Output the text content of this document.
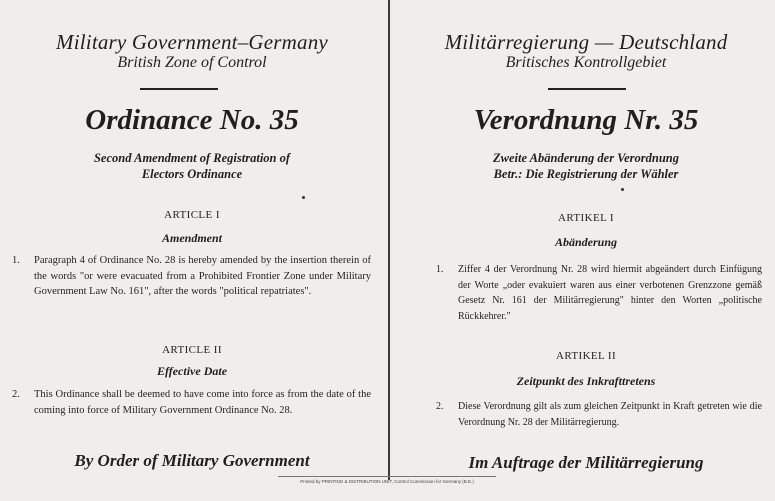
Military Government–Germany
British Zone of Control
Ordinance No. 35
Second Amendment of Registration of
Electors Ordinance
ARTICLE I
Amendment
1. Paragraph 4 of Ordinance No. 28 is hereby amended by the insertion therein of the words "or were evacuated from a Prohibited Frontier Zone under Military Government Law No. 161", after the words "political repatriates".
ARTICLE II
Effective Date
2. This Ordinance shall be deemed to have come into force as from the date of the coming into force of Military Government Ordinance No. 28.
By Order of Military Government
Militärregierung — Deutschland
Britisches Kontrollgebiet
Verordnung Nr. 35
Zweite Abänderung der Verordnung
Betr.: Die Registrierung der Wähler
ARTIKEL I
Abänderung
1. Ziffer 4 der Verordnung Nr. 28 wird hiermit abgeändert durch Einfügung der Worte „oder evakuiert waren aus einer verbotenen Grenzzone gemäß Gesetz Nr. 161 der Militärregierung" hinter den Worten „politische Rückkehrer."
ARTIKEL II
Zeitpunkt des Inkrafttretens
2. Diese Verordnung gilt als zum gleichen Zeitpunkt in Kraft getreten wie die Verordnung Nr. 28 der Militärregierung.
Im Auftrage der Militärregierung
Printed by PRINTING & DISTRIBUTION UNIT, Control Commission for Germany (B.E.)
